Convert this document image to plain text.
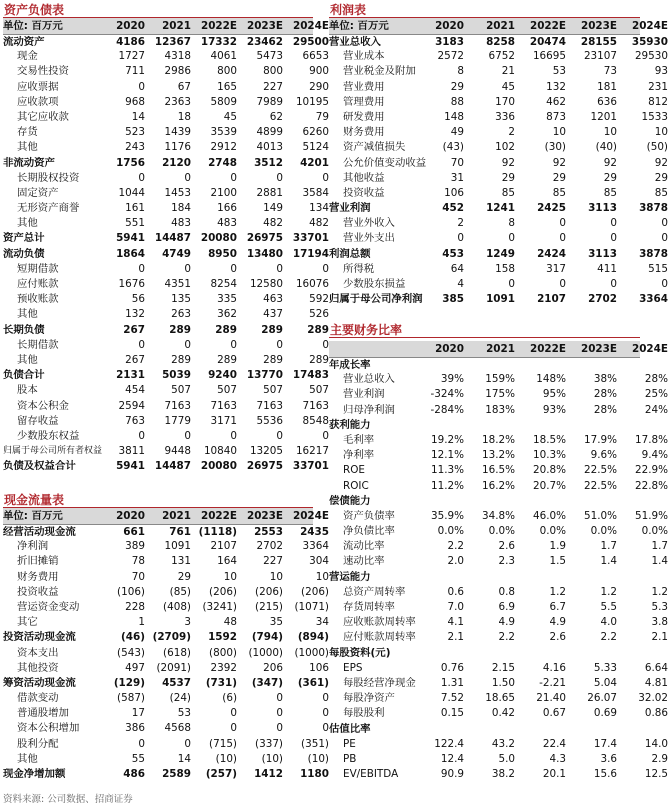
资产负债表
单位: 百万元	2020	2021 2022E 2023E 2024E
流动资产	4186 12367 17332 23462 29500
现金	1727	4318	4061	5473	6653
交易性投资	711	2986	800	800	900
应收票据	0	67	165	227	290
应收款项	968	2363	5809	7989	10195
其它应收款	14	18	45	62	79
存货	523	1439	3539	4899	6260
其他	243	1176	2912	4013	5124
非流动资产	1756	2120	2748	3512	4201
长期股权投资	0	0	0	0	0
固定资产	1044	1453	2100	2881	3584
无形资产商誉	161	184	166	149	134
其他	551	483	483	482	482
资产总计	5941 14487 20080 26975 33701
流动负债	1864	4749	8950 13480 17194
短期借款	0	0	0	0	0
应付账款	1676	4351	8254	12580	16076
预收账款	56	135	335	463	592
其他	132	263	362	437	526
长期负债	267	289	289	289	289
长期借款	0	0	0	0	0
其他	267	289	289	289	289
负债合计	2131	5039	9240 13770 17483
股本	454	507	507	507	507
资本公积金	2594	7163	7163	7163	7163
留存收益	763	1779	3171	5536	8548
少数股东权益	0	0	0	0	0
归属于母公司所有者权益	3811	9448	10840	13205	16217
负债及权益合计	5941 14487 20080 26975 33701
现金流量表
单位: 百万元	2020	2021 2022E 2023E 2024E
经营活动现金流	661	761 (1118)	2553	2435
净利润	389	1091	2107	2702	3364
折旧摊销	78	131	164	227	304
财务费用	70	29	10	10	10
投资收益	(106)	(85)	(206)	(206)	(206)
营运资金变动	228	(408)	(3241)	(215)	(1071)
其它	1	3	48	35	34
投资活动现金流	(46) (2709)	1592	(794)	(894)
资本支出	(543)	(618)	(800)	(1000)	(1000)
其他投资	497	(2091)	2392	206	106
筹资活动现金流	(129)	4537	(731)	(347)	(361)
借款变动	(587)	(24)	(6)	0	0
普通股增加	17	53	0	0	0
资本公积增加	386	4568	0	0	0
股利分配	0	0	(715)	(337)	(351)
其他	55	14	(10)	(10)	(10)
现金净增加额	486	2589	(257)	1412	1180
利润表
单位: 百万元	2020	2021	2022E	2023E	2024E
营业总收入	3183	8258	20474	28155	35930
营业成本	2572	6752	16695	23107	29530
营业税金及附加	8	21	53	73	93
营业费用	29	45	132	181	231
管理费用	88	170	462	636	812
研发费用	148	336	873	1201	1533
财务费用	49	2	10	10	10
资产减值损失	(43)	102	(30)	(40)	(50)
公允价值变动收益	70	92	92	92	92
其他收益	31	29	29	29	29
投资收益	106	85	85	85	85
营业利润	452	1241	2425	3113	3878
营业外收入	2	8	0	0	0
营业外支出	0	0	0	0	0
利润总额	453	1249	2424	3113	3878
所得税	64	158	317	411	515
少数股东损益	4	0	0	0	0
归属于母公司净利润	385	1091	2107	2702	3364
主要财务比率
2020	2021	2022E	2023E	2024E
年成长率
营业总收入	39%	159%	148%	38%	28%
营业利润	-324%	175%	95%	28%	25%
归母净利润	-284%	183%	93%	28%	24%
获利能力
毛利率	19.2%	18.2%	18.5%	17.9%	17.8%
净利率	12.1%	13.2%	10.3%	9.6%	9.4%
ROE	11.3%	16.5%	20.8%	22.5%	22.9%
ROIC	11.2%	16.2%	20.7%	22.5%	22.8%
偿债能力
资产负债率	35.9%	34.8%	46.0%	51.0%	51.9%
净负债比率	0.0%	0.0%	0.0%	0.0%	0.0%
流动比率	2.2	2.6	1.9	1.7	1.7
速动比率	2.0	2.3	1.5	1.4	1.4
营运能力
总资产周转率	0.6	0.8	1.2	1.2	1.2
存货周转率	7.0	6.9	6.7	5.5	5.3
应收账款周转率	4.1	4.9	4.9	4.0	3.8
应付账款周转率	2.1	2.2	2.6	2.2	2.1
每股资料(元)
EPS	0.76	2.15	4.16	5.33	6.64
每股经营净现金	1.31	1.50	-2.21	5.04	4.81
每股净资产	7.52	18.65	21.40	26.07	32.02
每股股利	0.15	0.42	0.67	0.69	0.86
估值比率
PE	122.4	43.2	22.4	17.4	14.0
PB	12.4	5.0	4.3	3.6	2.9
EV/EBITDA	90.9	38.2	20.1	15.6	12.5
资料来源: 公司数据、招商证券
